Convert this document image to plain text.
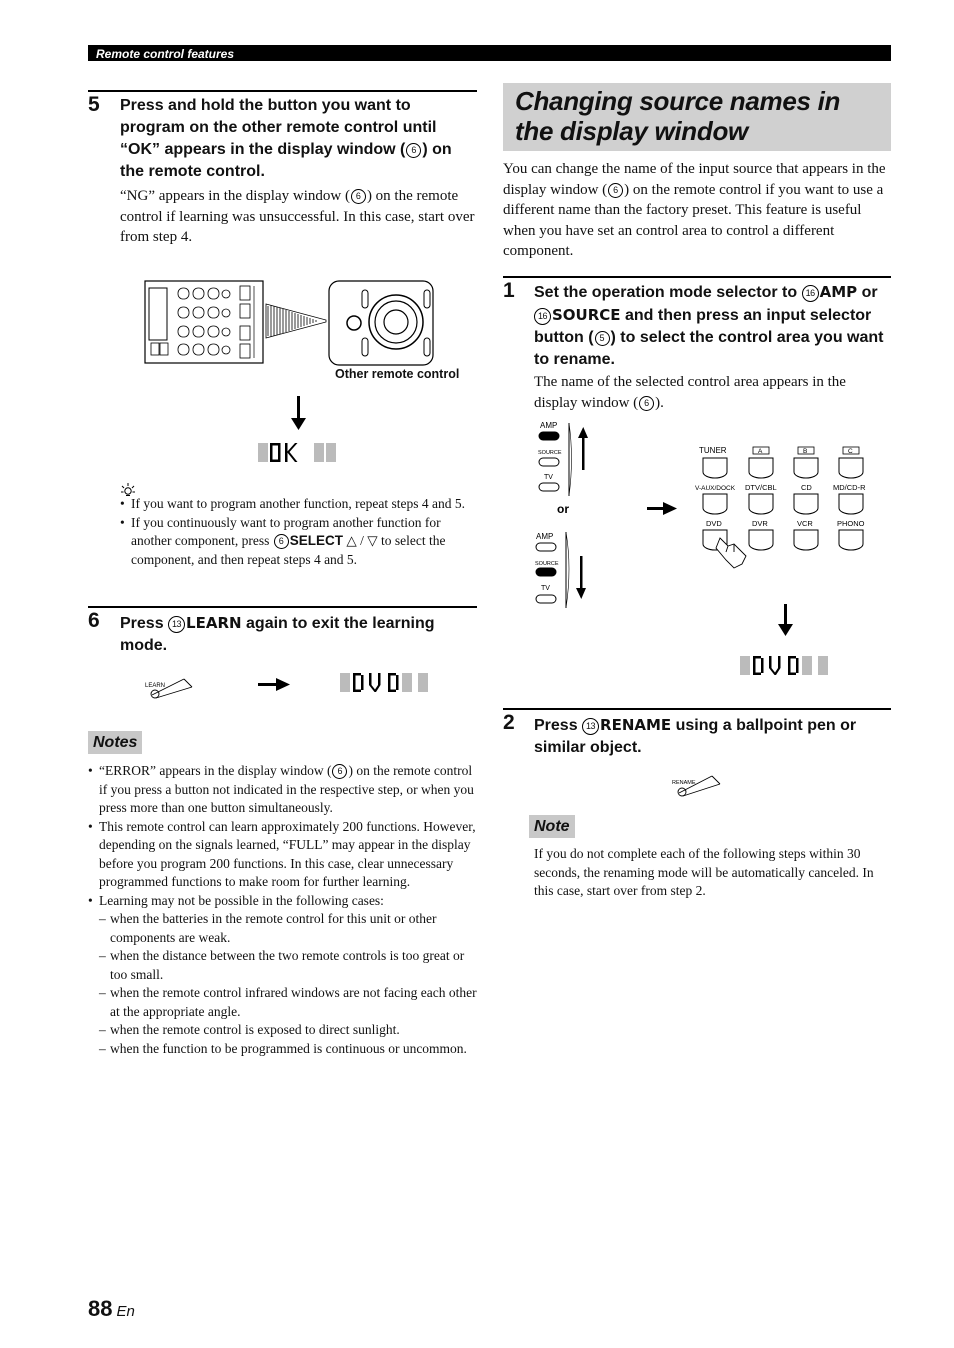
Remote control features
5 Press and hold the button you want to program on the other remote control until “OK” appears in the display window ( 6 ) on the remote control.
“NG” appears in the display window ( 6 ) on the remote control if learning was unsuccessful. In this case, start over from step 4.
Other remote control
• If you want to program another function, repeat steps 4 and 5.
• If you continuously want to program another function for another component, press 6 SELECT △ / ▽ to select the component, and then repeat steps 4 and 5.
6 Press 13 LEARN again to exit the learning mode.
LEARN
Notes
• “ERROR” appears in the display window ( 6 ) on the remote control if you press a button not indicated in the respective step, or when you press more than one button simultaneously.
• This remote control can learn approximately 200 functions. However, depending on the signals learned, “FULL” may appear in the display before you program 200 functions. In this case, clear unnecessary programmed functions to make room for further learning.
• Learning may not be possible in the following cases:
– when the batteries in the remote control for this unit or other components are weak.
– when the distance between the two remote controls is too great or too small.
– when the remote control infrared windows are not facing each other at the appropriate angle.
– when the remote control is exposed to direct sunlight.
– when the function to be programmed is continuous or uncommon.
Changing source names in the display window
You can change the name of the input source that appears in the display window ( 6 ) on the remote control if you want to use a different name than the factory preset. This feature is useful when you have set an control area to control a different component.
1 Set the operation mode selector to 16 AMP or 16 SOURCE and then press an input selector button ( 5 ) to select the control area you want to rename.
The name of the selected control area appears in the display window ( 6 ).
AMP
SOURCE
TV
or
AMP
SOURCE
TV
TUNER	A	B	C
V-AUX/DOCK DTV/CBL	CD	MD/CD-R
DVD	DVR	VCR	PHONO
2 Press 13 RENAME using a ballpoint pen or similar object.
RENAME
Note
If you do not complete each of the following steps within 30 seconds, the renaming mode will be automatically canceled. In this case, start over from step 2.
88 En
